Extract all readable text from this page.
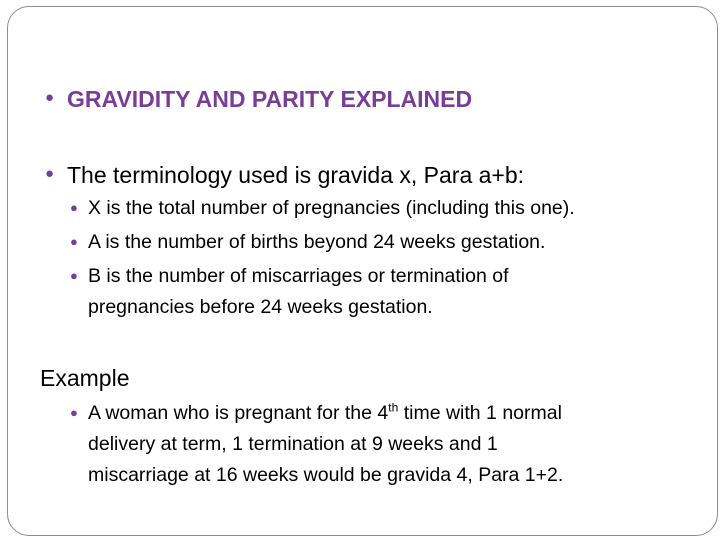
● GRAVIDITY AND PARITY EXPLAINED
● The terminology used is gravida x, Para a+b:
● X is the total number of pregnancies (including this one).
● A is the number of births beyond 24 weeks gestation.
● B is the number of miscarriages or termination of
pregnancies before 24 weeks gestation.
Example
● A woman who is pregnant for the 4th time with 1 normal
delivery at term, 1 termination at 9 weeks and 1
miscarriage at 16 weeks would be gravida 4, Para 1+2.
